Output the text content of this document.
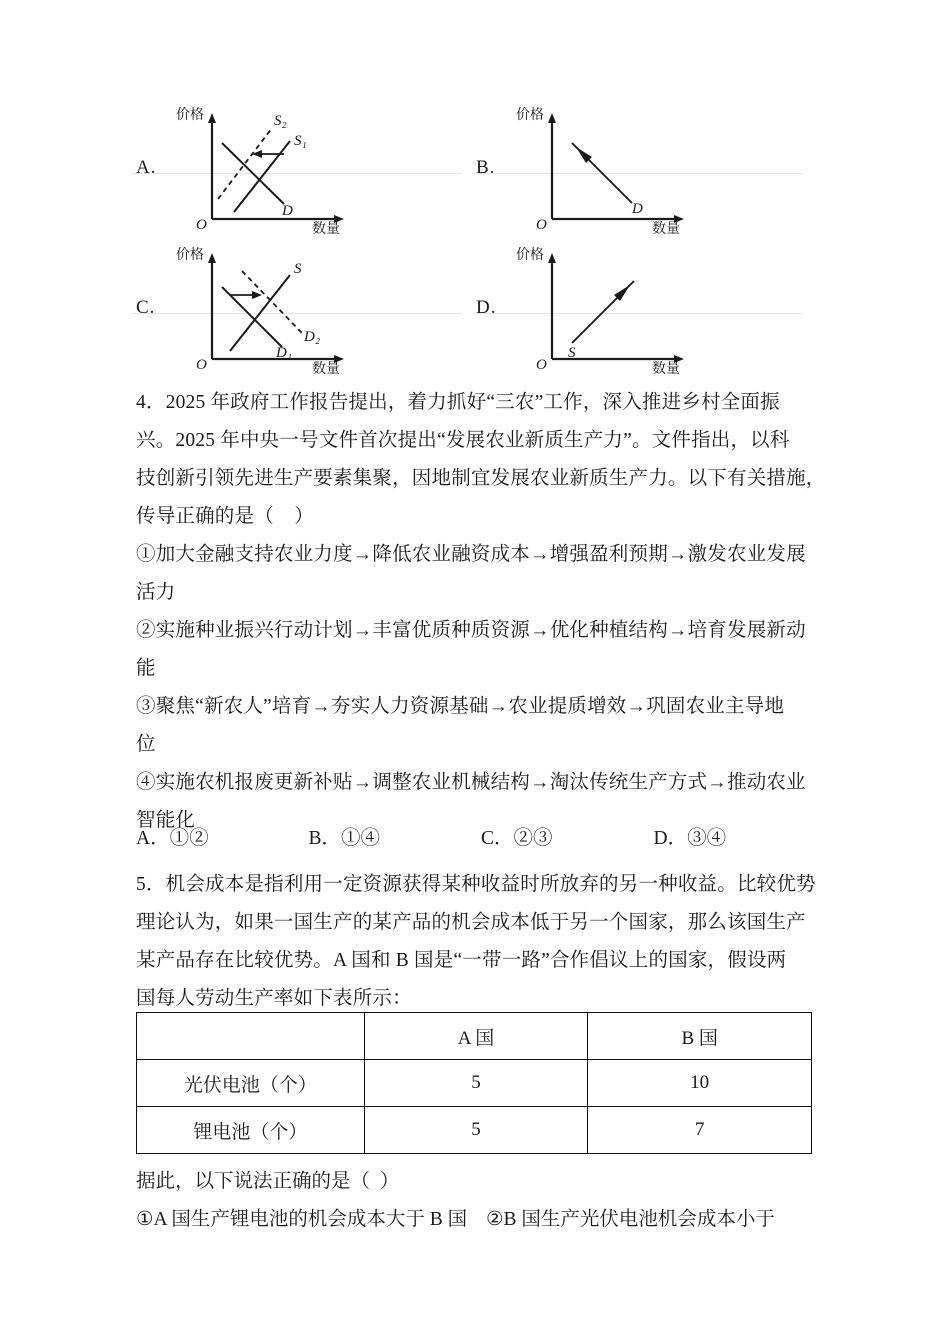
A.
价格
数量
O
S₂
S₁
D
B.
价格
数量
O
D
C.
价格
数量
O
S
D₁
D₂
D.
价格
数量
O
S
4．2025 年政府工作报告提出，着力抓好“三农”工作，深入推进乡村全面振
兴。2025 年中央一号文件首次提出“发展农业新质生产力”。文件指出，以科
技创新引领先进生产要素集聚，因地制宜发展农业新质生产力。以下有关措施，
传导正确的是（    ）
①加大金融支持农业力度→降低农业融资成本→增强盈利预期→激发农业发展
活力
②实施种业振兴行动计划→丰富优质种质资源→优化种植结构→培育发展新动
能
③聚焦“新农人”培育→夯实人力资源基础→农业提质增效→巩固农业主导地
位
④实施农机报废更新补贴→调整农业机械结构→淘汰传统生产方式→推动农业
智能化
A．①②	B．①④	C．②③	D．③④
5．机会成本是指利用一定资源获得某种收益时所放弃的另一种收益。比较优势
理论认为，如果一国生产的某产品的机会成本低于另一个国家，那么该国生产
某产品存在比较优势。A 国和 B 国是“一带一路”合作倡议上的国家，假设两
国每人劳动生产率如下表所示：
	A 国	B 国
光伏电池（个）	5	10
锂电池（个）	5	7
据此，以下说法正确的是（  ）
①A 国生产锂电池的机会成本大于 B 国 ②B 国生产光伏电池机会成本小于
